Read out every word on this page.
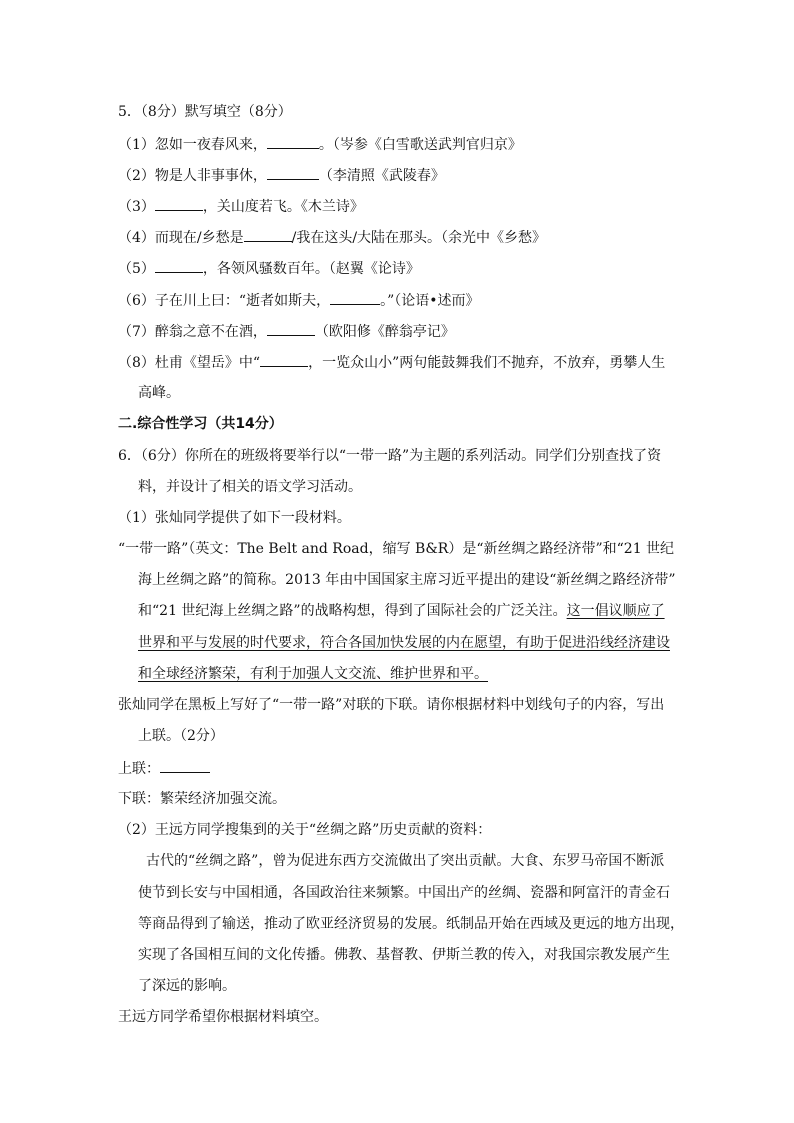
5．（8分）默写填空（8分）
（1）忽如一夜春风来，	。（岑参《白雪歌送武判官归京》
（2）物是人非事事休，	（李清照《武陵春》
（3）	，关山度若飞。《木兰诗》
（4）而现在/乡愁是	/我在这头/大陆在那头。（余光中《乡愁》
（5）	，各领风骚数百年。（赵翼《论诗》
（6）子在川上曰：“逝者如斯夫，	。”（论语•述而》
（7）醉翁之意不在酒，	（欧阳修《醉翁亭记》
（8）杜甫《望岳》中“	，一览众山小”两句能鼓舞我们不抛弃，不放弃，勇攀人生
高峰。
二.综合性学习（共14分）
6．（6分）你所在的班级将要举行以“一带一路”为主题的系列活动。同学们分别查找了资
料，并设计了相关的语文学习活动。
（1）张灿同学提供了如下一段材料。
“一带一路”（英文：The Belt and Road，缩写 B&R）是“新丝绸之路经济带”和“21 世纪
海上丝绸之路”的简称。2013 年由中国国家主席习近平提出的建设“新丝绸之路经济带”
和“21 世纪海上丝绸之路”的战略构想，得到了国际社会的广泛关注。这一倡议顺应了
世界和平与发展的时代要求，符合各国加快发展的内在愿望，有助于促进沿线经济建设
和全球经济繁荣，有利于加强人文交流、维护世界和平。
张灿同学在黑板上写好了“一带一路”对联的下联。请你根据材料中划线句子的内容，写出
上联。（2分）
上联：
下联：繁荣经济加强交流。
（2）王远方同学搜集到的关于“丝绸之路”历史贡献的资料：
古代的“丝绸之路”，曾为促进东西方交流做出了突出贡献。大食、东罗马帝国不断派
使节到长安与中国相通，各国政治往来频繁。中国出产的丝绸、瓷器和阿富汗的青金石
等商品得到了输送，推动了欧亚经济贸易的发展。纸制品开始在西域及更远的地方出现，
实现了各国相互间的文化传播。佛教、基督教、伊斯兰教的传入，对我国宗教发展产生
了深远的影响。
王远方同学希望你根据材料填空。
